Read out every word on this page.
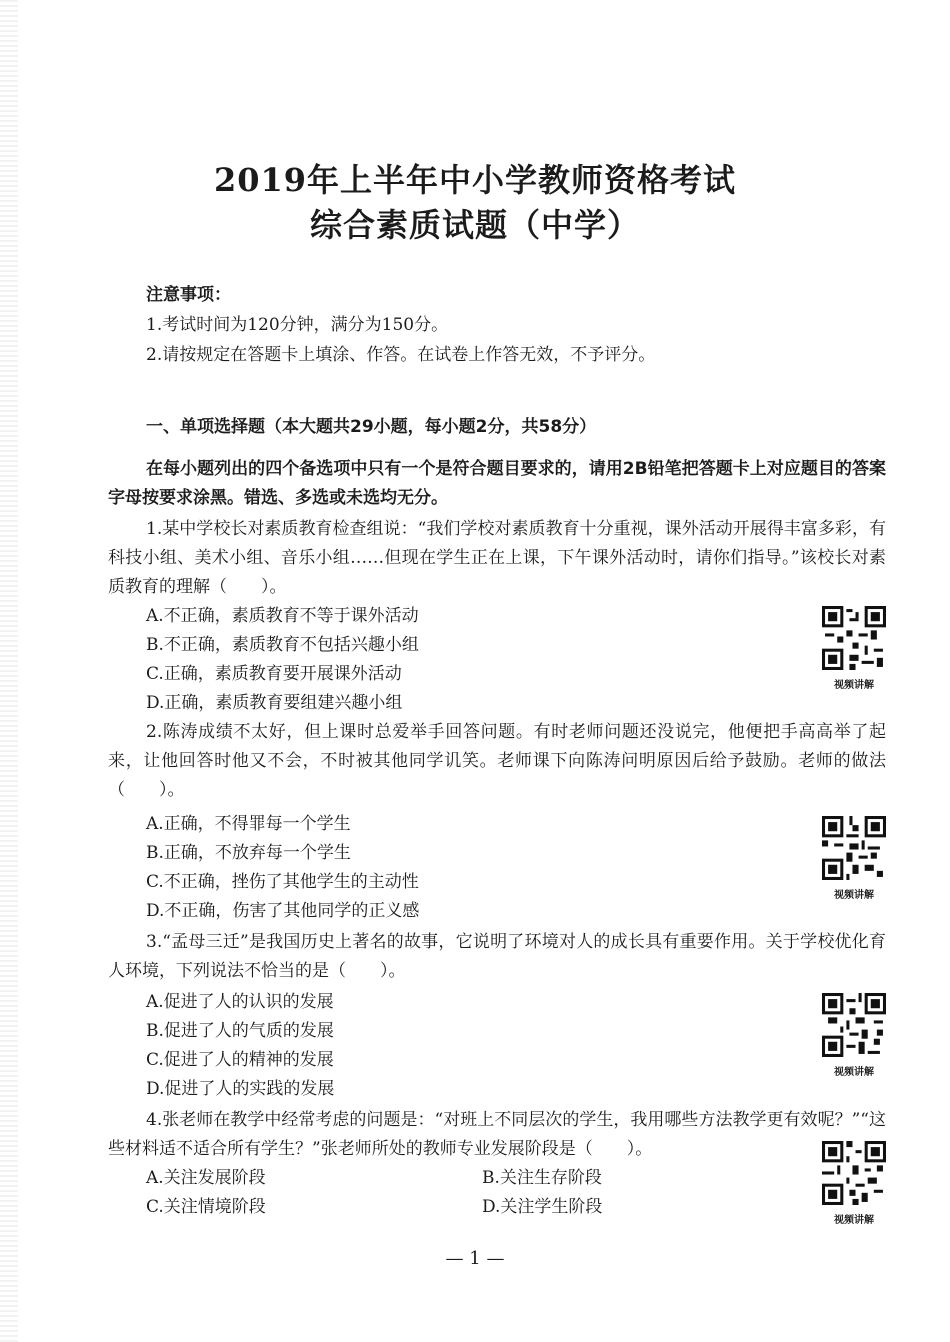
2019年上半年中小学教师资格考试
综合素质试题（中学）
注意事项：
1.考试时间为120分钟，满分为150分。
2.请按规定在答题卡上填涂、作答。在试卷上作答无效，不予评分。
一、单项选择题（本大题共29小题，每小题2分，共58分）
在每小题列出的四个备选项中只有一个是符合题目要求的，请用2B铅笔把答题卡上对应题目的答案字母按要求涂黑。错选、多选或未选均无分。
1.某中学校长对素质教育检查组说：“我们学校对素质教育十分重视，课外活动开展得丰富多彩，有科技小组、美术小组、音乐小组……但现在学生正在上课，下午课外活动时，请你们指导。”该校长对素质教育的理解（　　）。
A.不正确，素质教育不等于课外活动
B.不正确，素质教育不包括兴趣小组
C.正确，素质教育要开展课外活动
D.正确，素质教育要组建兴趣小组
视频讲解
2.陈涛成绩不太好，但上课时总爱举手回答问题。有时老师问题还没说完，他便把手高高举了起来，让他回答时他又不会，不时被其他同学讥笑。老师课下向陈涛问明原因后给予鼓励。老师的做法（　　）。
A.正确，不得罪每一个学生
B.正确，不放弃每一个学生
C.不正确，挫伤了其他学生的主动性
D.不正确，伤害了其他同学的正义感
视频讲解
3.“孟母三迁”是我国历史上著名的故事，它说明了环境对人的成长具有重要作用。关于学校优化育人环境，下列说法不恰当的是（　　）。
A.促进了人的认识的发展
B.促进了人的气质的发展
C.促进了人的精神的发展
D.促进了人的实践的发展
视频讲解
4.张老师在教学中经常考虑的问题是：“对班上不同层次的学生，我用哪些方法教学更有效呢？”“这些材料适不适合所有学生？”张老师所处的教师专业发展阶段是（　　）。
A.关注发展阶段	B.关注生存阶段
C.关注情境阶段	D.关注学生阶段
视频讲解
— 1 —
